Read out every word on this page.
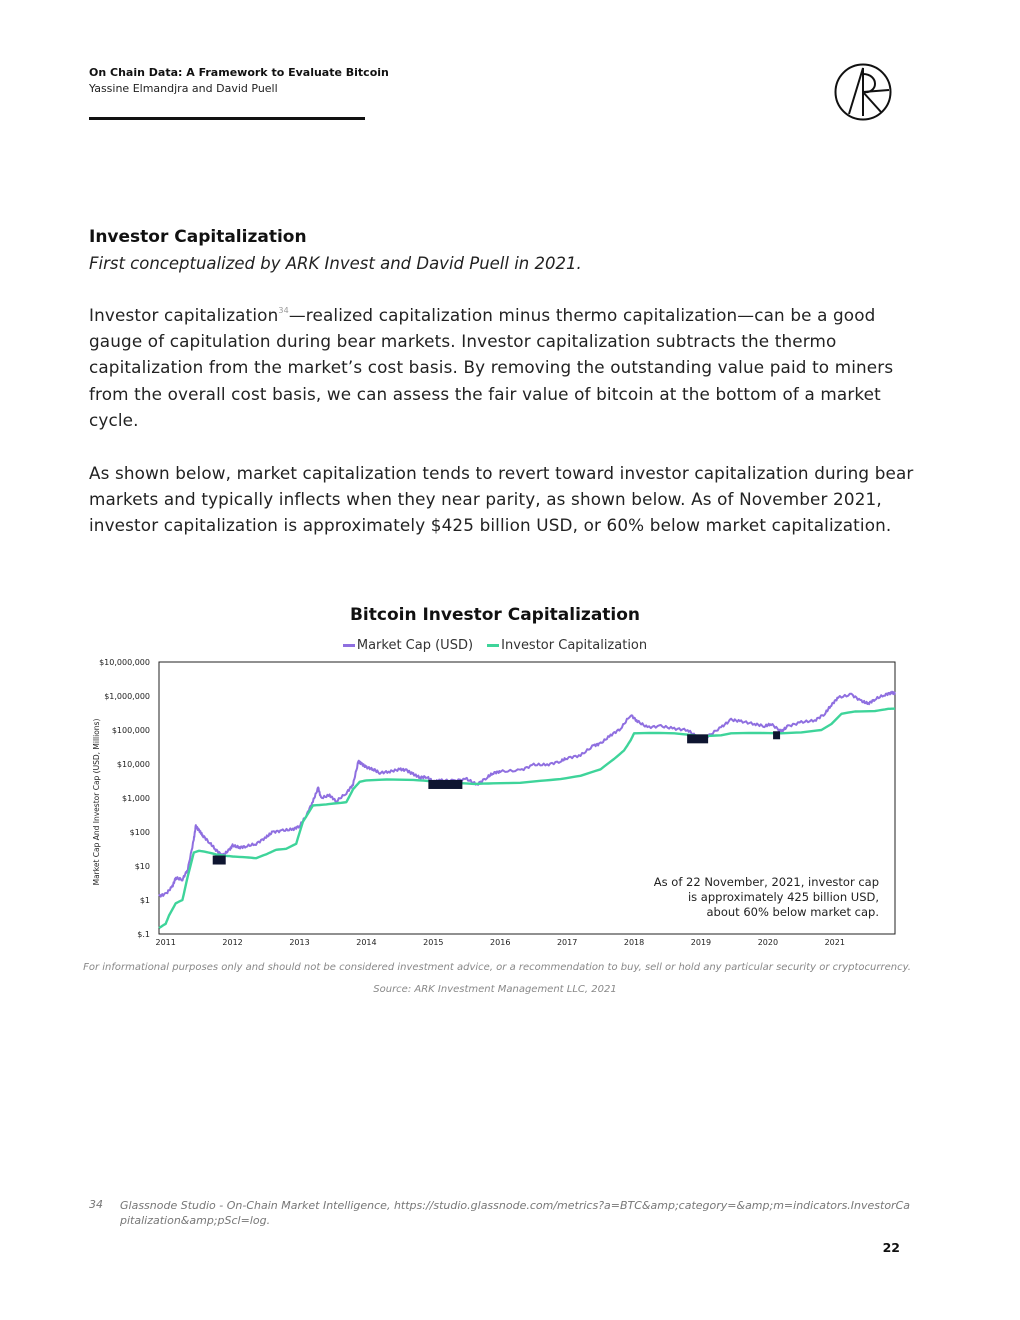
On Chain Data: A Framework to Evaluate Bitcoin
Yassine Elmandjra and David Puell
Investor Capitalization
First conceptualized by ARK Invest and David Puell in 2021.
Investor capitalization$^{34}$—realized capitalization minus thermo capitalization—can be a good gauge of capitulation during bear markets. Investor capitalization subtracts the thermo capitalization from the market’s cost basis. By removing the outstanding value paid to miners from the overall cost basis, we can assess the fair value of bitcoin at the bottom of a market cycle.
As shown below, market capitalization tends to revert toward investor capitalization during bear markets and typically inflects when they near parity, as shown below. As of November 2021, investor capitalization is approximately $425 billion USD, or 60% below market capitalization.
Bitcoin Investor Capitalization
Market Cap (USD) Investor Capitalization
$.1
$1
$10
$100
$1,000
$10,000
$100,000
$1,000,000
$10,000,000
2011	2012	2013	2014	2015	2016	2017	2018	2019	2020	2021
Market Cap And Investor Cap (USD, Millions)	As of 22 November, 2021, investor cap
is approximately 425 billion USD,
about 60% below market cap.
For informational purposes only and should not be considered investment advice, or a recommendation to buy, sell or hold any particular security or cryptocurrency.
Source: ARK Investment Management LLC, 2021
34 Glassnode Studio - On-Chain Market Intelligence, https://studio.glassnode.com/metrics?a=BTC&amp;category=&amp;m=indicators.InvestorCapitalization&amp;pScl=log.
22
